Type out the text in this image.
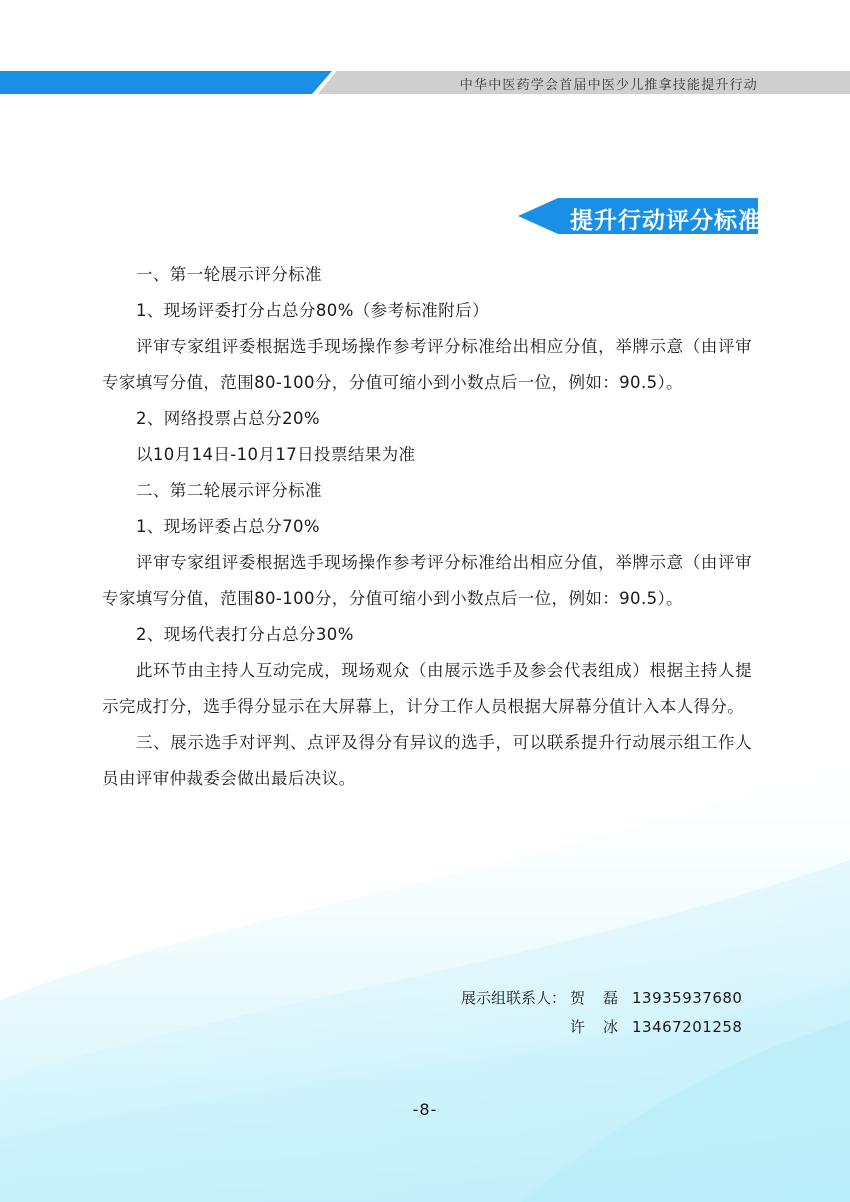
中华中医药学会首届中医少儿推拿技能提升行动
提升行动评分标准

一、第一轮展示评分标准

1、现场评委打分占总分80%（参考标准附后）

评审专家组评委根据选手现场操作参考评分标准给出相应分值，举牌示意（由评审专家填写分值，范围80-100分，分值可缩小到小数点后一位，例如：90.5）。

2、网络投票占总分20%

以10月14日-10月17日投票结果为准

二、第二轮展示评分标准

1、现场评委占总分70%

评审专家组评委根据选手现场操作参考评分标准给出相应分值，举牌示意（由评审专家填写分值，范围80-100分，分值可缩小到小数点后一位，例如：90.5）。

2、现场代表打分占总分30%

此环节由主持人互动完成，现场观众（由展示选手及参会代表组成）根据主持人提示完成打分，选手得分显示在大屏幕上，计分工作人员根据大屏幕分值计入本人得分。

三、展示选手对评判、点评及得分有异议的选手，可以联系提升行动展示组工作人员由评审仲裁委会做出最后决议。

展示组联系人： 贺磊
13935937680
许冰
13467201258
-8-
